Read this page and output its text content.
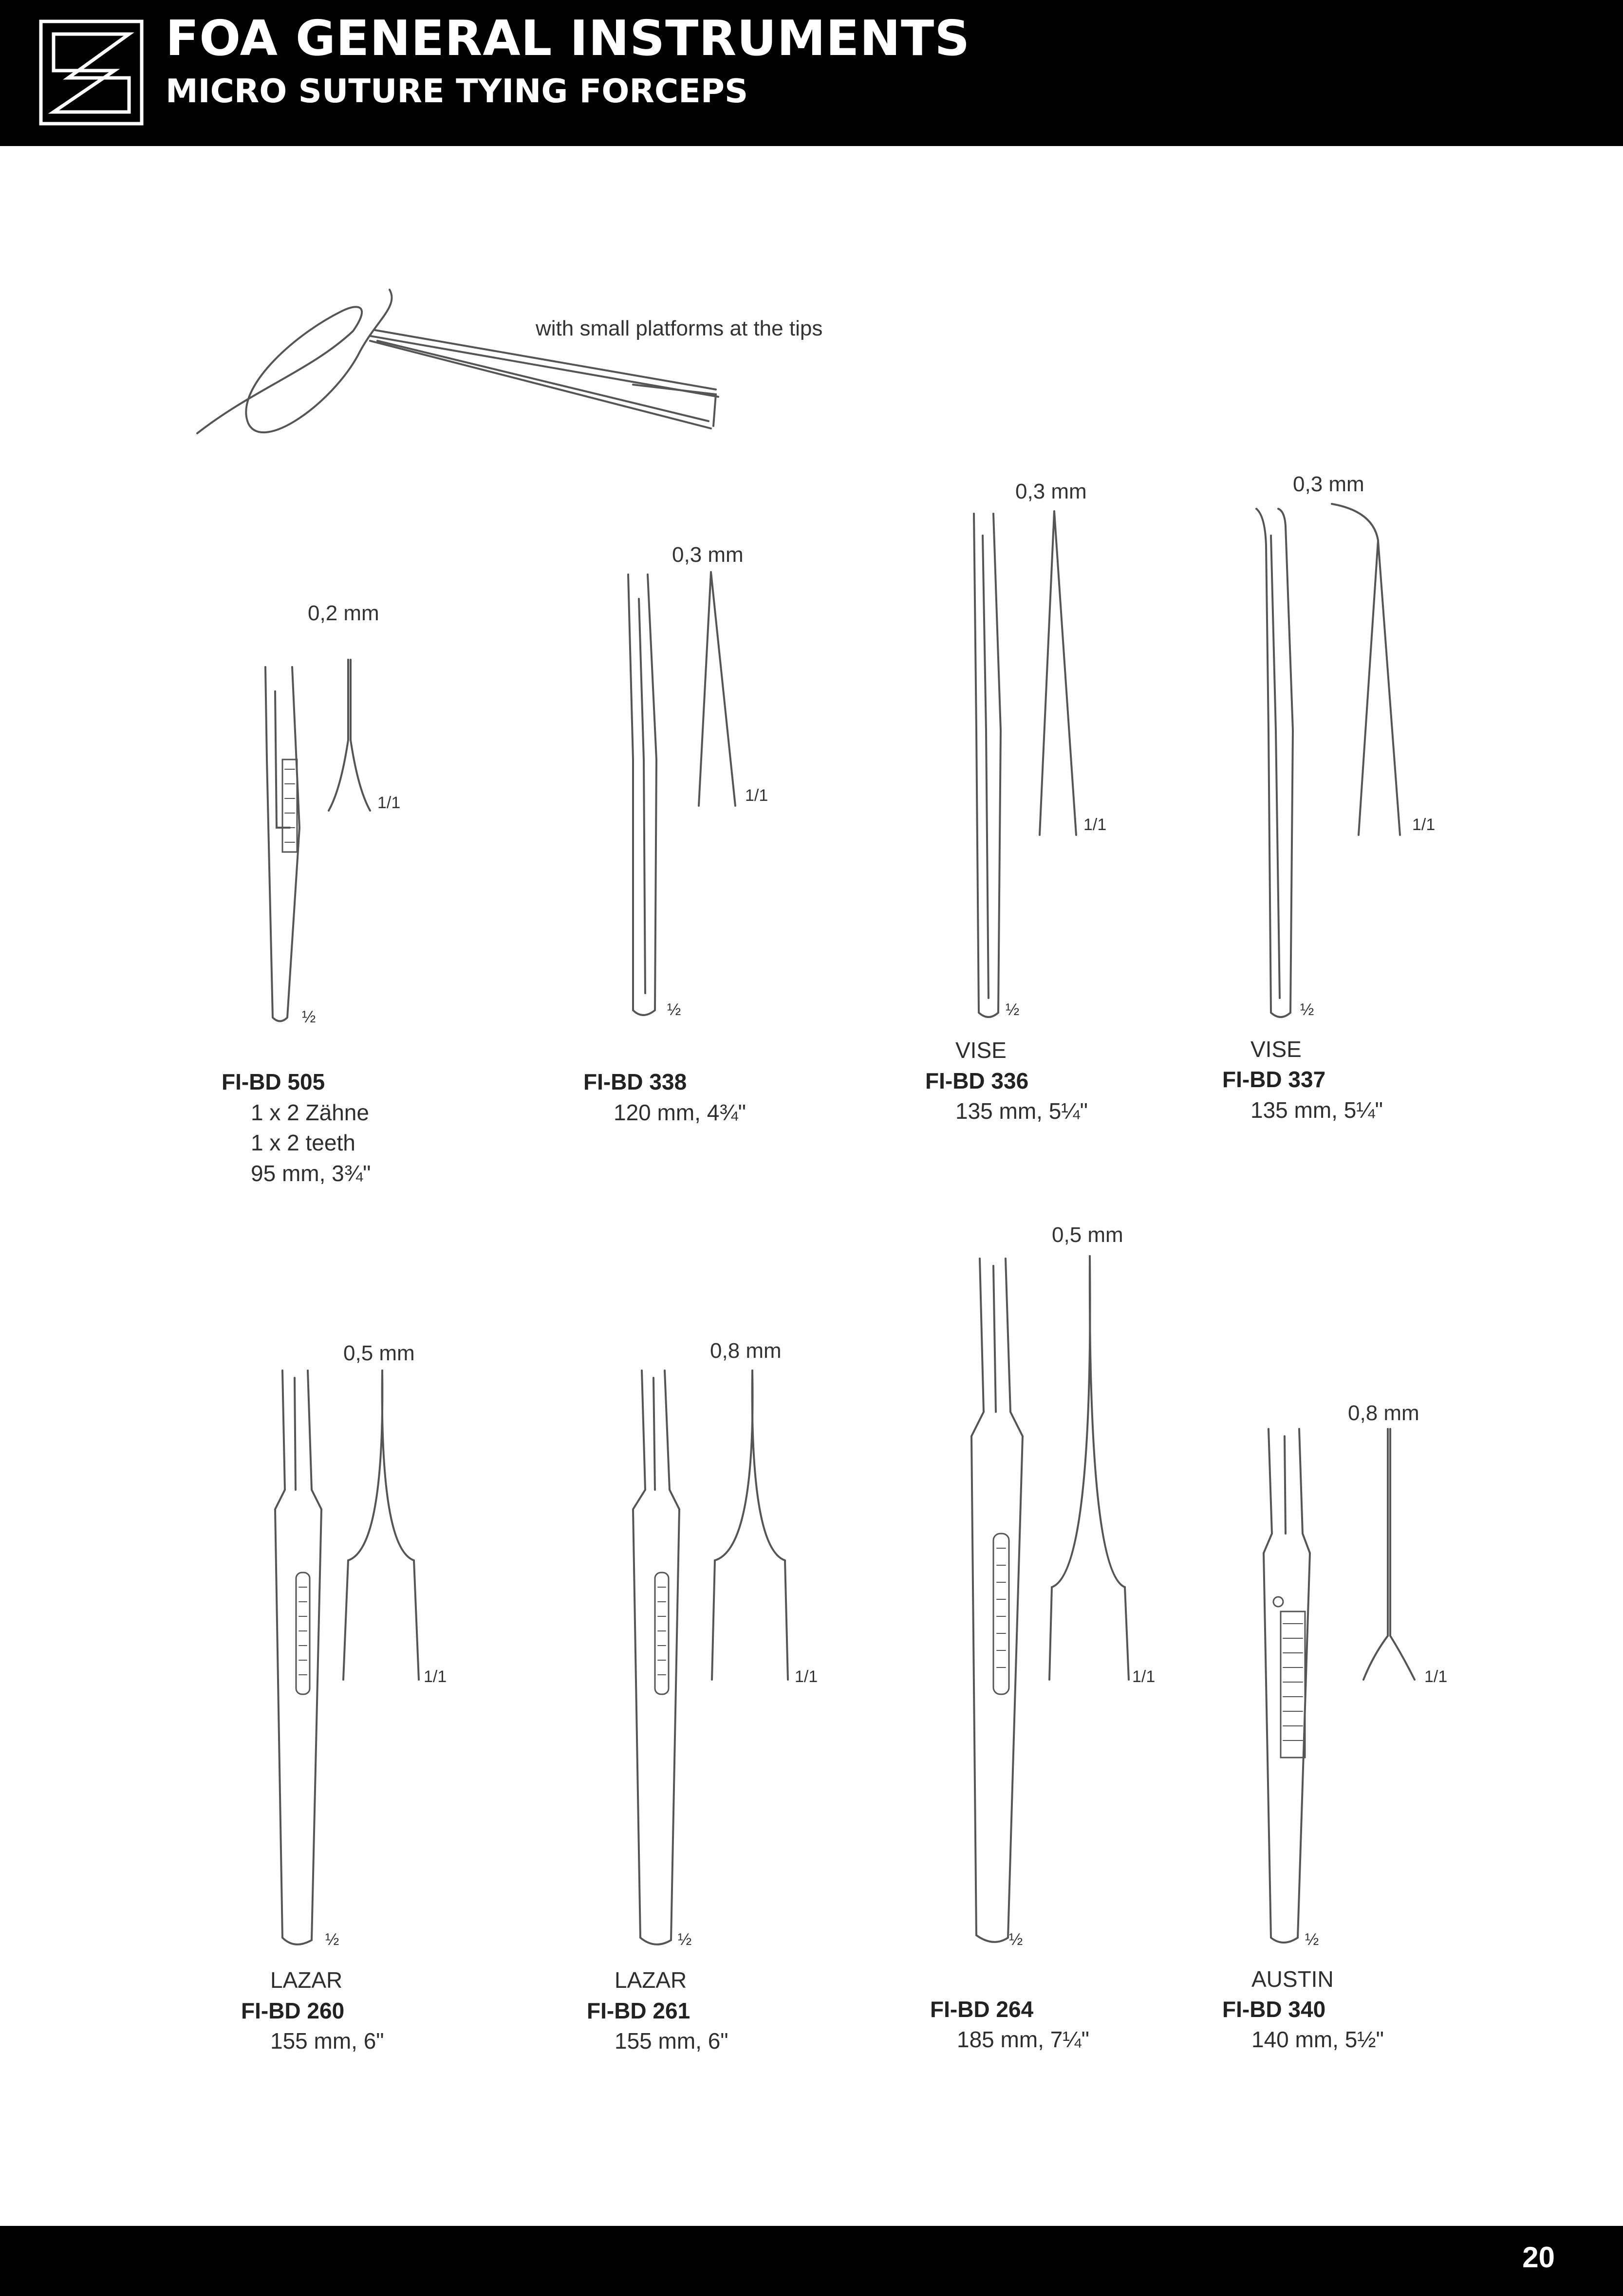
FOA GENERAL INSTRUMENTS
MICRO SUTURE TYING FORCEPS
with small platforms at the tips
0,2 mm
1/1
½
FI-BD 505
1 x 2 Zähne
1 x 2 teeth
95 mm, 3¾"
0,3 mm
1/1
½
FI-BD 338
120 mm, 4¾"
0,3 mm
1/1
½
VISE
FI-BD 336
135 mm, 5¼"
0,3 mm
1/1
½
VISE
FI-BD 337
135 mm, 5¼"
0,5 mm
1/1
½
LAZAR
FI-BD 260
155 mm, 6"
0,8 mm
1/1
½
LAZAR
FI-BD 261
155 mm, 6"
0,5 mm
1/1
½
FI-BD 264
185 mm, 7¼"
0,8 mm
1/1
½
AUSTIN
FI-BD 340
140 mm, 5½"
20
